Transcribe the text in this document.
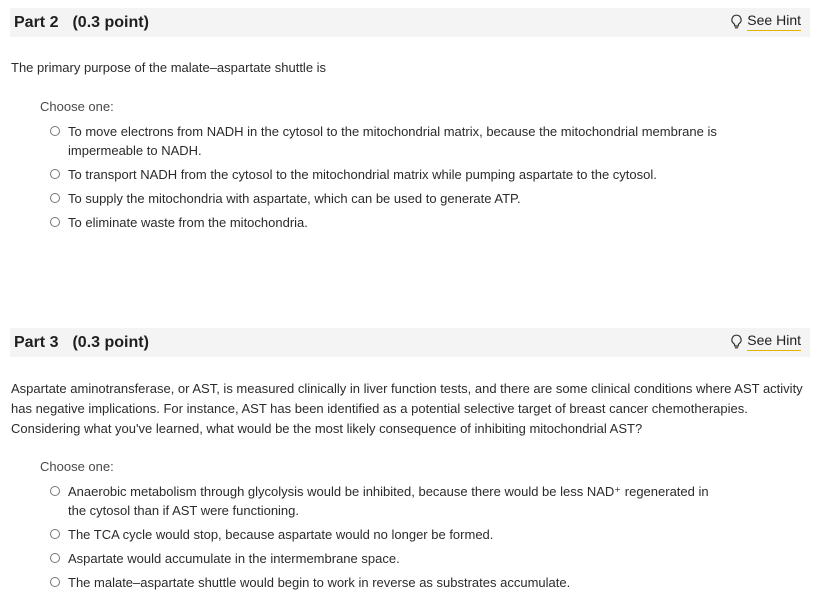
Part 2 (0.3 point)	See Hint
The primary purpose of the malate–aspartate shuttle is
Choose one:
To move electrons from NADH in the cytosol to the mitochondrial matrix, because the mitochondrial membrane is impermeable to NADH.
To transport NADH from the cytosol to the mitochondrial matrix while pumping aspartate to the cytosol.
To supply the mitochondria with aspartate, which can be used to generate ATP.
To eliminate waste from the mitochondria.
Part 3 (0.3 point)	See Hint
Aspartate aminotransferase, or AST, is measured clinically in liver function tests, and there are some clinical conditions where AST activity has negative implications. For instance, AST has been identified as a potential selective target of breast cancer chemotherapies. Considering what you've learned, what would be the most likely consequence of inhibiting mitochondrial AST?
Choose one:
Anaerobic metabolism through glycolysis would be inhibited, because there would be less NAD⁺ regenerated in the cytosol than if AST were functioning.
The TCA cycle would stop, because aspartate would no longer be formed.
Aspartate would accumulate in the intermembrane space.
The malate–aspartate shuttle would begin to work in reverse as substrates accumulate.
